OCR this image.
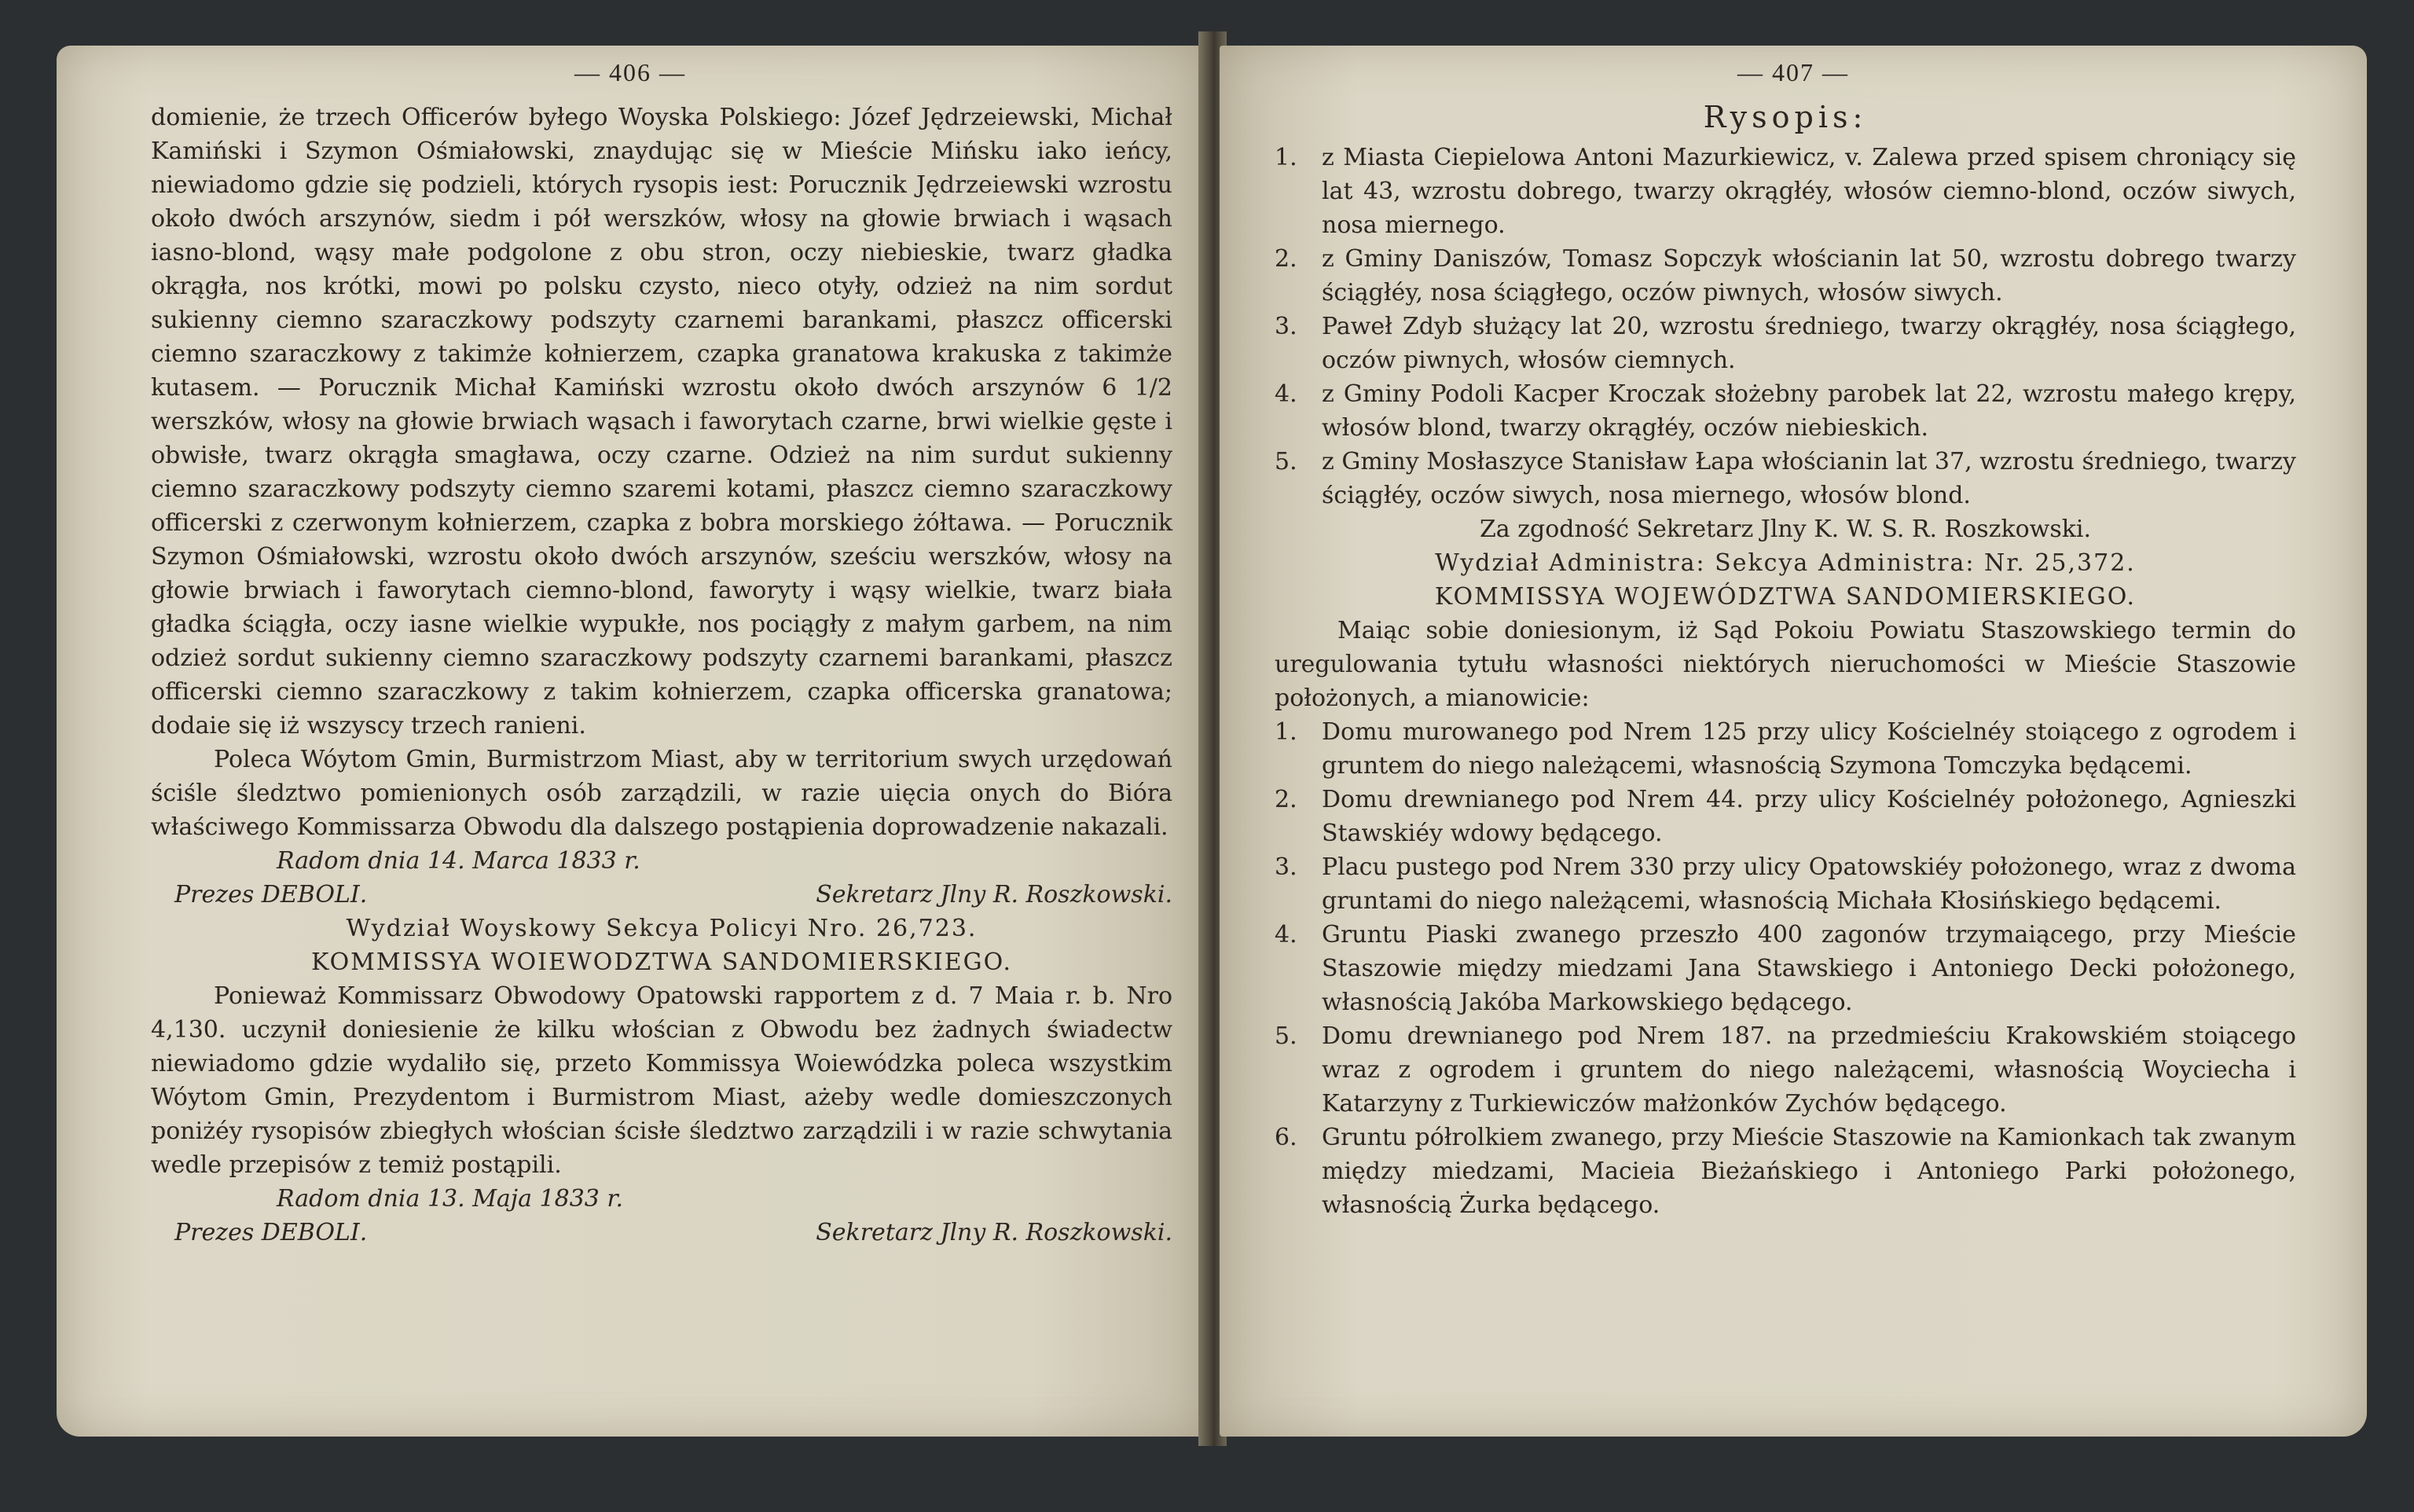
— 406 —

domienie, że trzech Officerów byłego Woyska Polskiego: Józef Jędrzeiewski, Michał Kamiński i Szymon Ośmiałowski, znaydując się w Mieście Mińsku iako ieńcy, niewiadomo gdzie się podzieli, których rysopis iest: Porucznik Jędrzeiewski wzrostu około dwóch arszynów, siedm i pół werszków, włosy na głowie brwiach i wąsach iasno-blond, wąsy małe podgolone z obu stron, oczy niebieskie, twarz gładka okrągła, nos krótki, mowi po polsku czysto, nieco otyły, odzież na nim sordut sukienny ciemno szaraczkowy podszyty czarnemi barankami, płaszcz officerski ciemno szaraczkowy z takimże kołnierzem, czapka granatowa krakuska z takimże kutasem. — Porucznik Michał Kamiński wzrostu około dwóch arszynów 6 1/2 werszków, włosy na głowie brwiach wąsach i faworytach czarne, brwi wielkie gęste i obwisłe, twarz okrągła smagława, oczy czarne. Odzież na nim surdut sukienny ciemno szaraczkowy podszyty ciemno szaremi kotami, płaszcz ciemno szaraczkowy officerski z czerwonym kołnierzem, czapka z bobra morskiego żółtawa. — Porucznik Szymon Ośmiałowski, wzrostu około dwóch arszynów, sześciu werszków, włosy na głowie brwiach i faworytach ciemno-blond, faworyty i wąsy wielkie, twarz biała gładka ściągła, oczy iasne wielkie wypukłe, nos pociągły z małym garbem, na nim odzież sordut sukienny ciemno szaraczkowy podszyty czarnemi barankami, płaszcz officerski ciemno szaraczkowy z takim kołnierzem, czapka officerska granatowa; dodaie się iż wszyscy trzech ranieni.

Poleca Wóytom Gmin, Burmistrzom Miast, aby w territorium swych urzędowań ściśle śledztwo pomienionych osób zarządzili, w razie uięcia onych do Bióra właściwego Kommissarza Obwodu dla dalszego postąpienia doprowadzenie nakazali.

Radom dnia 14. Marca 1833 r.

Prezes DEBOLI.	Sekretarz Jlny R. Roszkowski.

Wydział Woyskowy Sekcya Policyi Nro. 26,723.

KOMMISSYA WOIEWODZTWA SANDOMIERSKIEGO.

Ponieważ Kommissarz Obwodowy Opatowski rapportem z d. 7 Maia r. b. Nro 4,130. uczynił doniesienie że kilku włościan z Obwodu bez żadnych świadectw niewiadomo gdzie wydaliło się, przeto Kommissya Woiewódzka poleca wszystkim Wóytom Gmin, Prezydentom i Burmistrom Miast, ażeby wedle domieszczonych poniżéy rysopisów zbiegłych włościan ścisłe śledztwo zarządzili i w razie schwytania wedle przepisów z temiż postąpili.

Radom dnia 13. Maja 1833 r.

Prezes DEBOLI.	Sekretarz Jlny R. Roszkowski.
— 407 —

Rysopis:

1.	z Miasta Ciepielowa Antoni Mazurkiewicz, v. Zalewa przed spisem chroniący się lat 43, wzrostu dobrego, twarzy okrągłéy, włosów ciemno-blond, oczów siwych, nosa miernego.
2.	z Gminy Daniszów, Tomasz Sopczyk włościanin lat 50, wzrostu dobrego twarzy ściągłéy, nosa ściągłego, oczów piwnych, włosów siwych.
3.	Paweł Zdyb służący lat 20, wzrostu średniego, twarzy okrągłéy, nosa ściągłego, oczów piwnych, włosów ciemnych.
4.	z Gminy Podoli Kacper Kroczak słożebny parobek lat 22, wzrostu małego krępy, włosów blond, twarzy okrągłéy, oczów niebieskich.
5.	z Gminy Mosłaszyce Stanisław Łapa włościanin lat 37, wzrostu średniego, twarzy ściągłéy, oczów siwych, nosa miernego, włosów blond.

Za zgodność Sekretarz Jlny K. W. S. R. Roszkowski.

Wydział Administra: Sekcya Administra: Nr. 25,372.

KOMMISSYA WOJEWÓDZTWA SANDOMIERSKIEGO.

Maiąc sobie doniesionym, iż Sąd Pokoiu Powiatu Staszowskiego termin do uregulowania tytułu własności niektórych nieruchomości w Mieście Staszowie położonych, a mianowicie:

1.	Domu murowanego pod Nrem 125 przy ulicy Kościelnéy stoiącego z ogrodem i gruntem do niego należącemi, własnością Szymona Tomczyka będącemi.
2.	Domu drewnianego pod Nrem 44. przy ulicy Kościelnéy położonego, Agnieszki Stawskiéy wdowy będącego.
3.	Placu pustego pod Nrem 330 przy ulicy Opatowskiéy położonego, wraz z dwoma gruntami do niego należącemi, własnością Michała Kłosińskiego będącemi.
4.	Gruntu Piaski zwanego przeszło 400 zagonów trzymaiącego, przy Mieście Staszowie między miedzami Jana Stawskiego i Antoniego Decki położonego, własnością Jakóba Markowskiego będącego.
5.	Domu drewnianego pod Nrem 187. na przedmieściu Krakowskiém stoiącego wraz z ogrodem i gruntem do niego należącemi, własnością Woyciecha i Katarzyny z Turkiewiczów małżonków Zychów będącego.
6.	Gruntu półrolkiem zwanego, przy Mieście Staszowie na Kamionkach tak zwanym między miedzami, Macieia Bieżańskiego i Antoniego Parki położonego, własnością Żurka będącego.
